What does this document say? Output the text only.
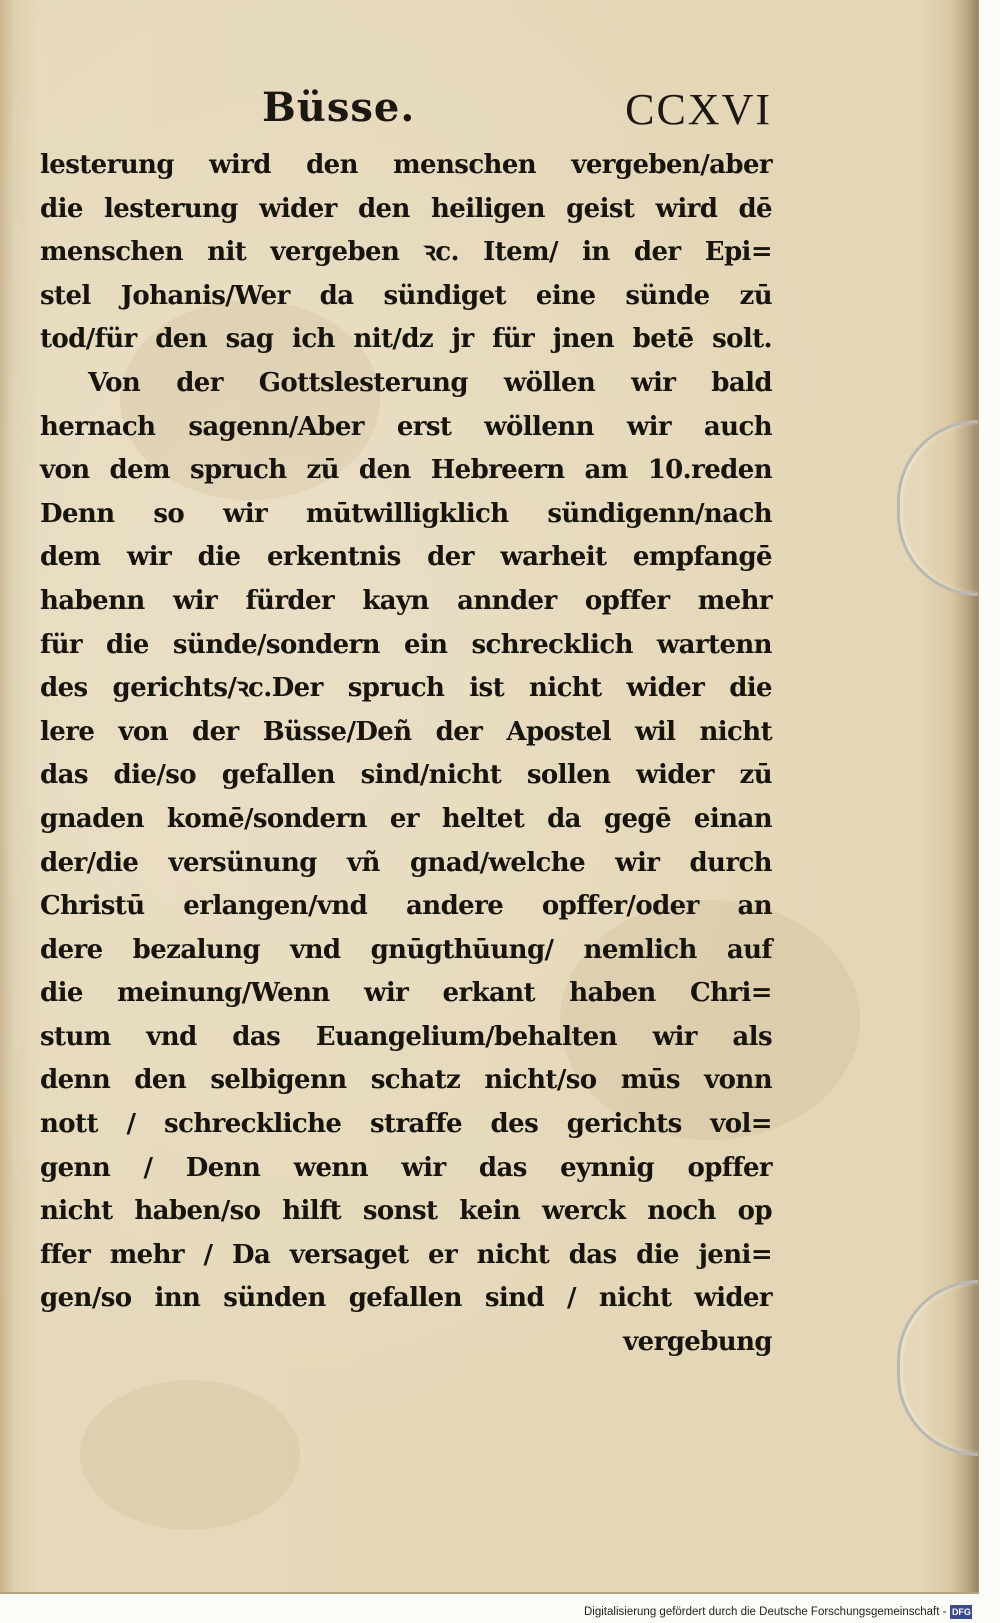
Büsse.	CCXVI
lesterung wird den menschen vergeben/aber
die lesterung wider den heiligen geist wird dē
menschen nit vergeben ꝛc. Item/ in der Epi=
stel Johanis/Wer da sündiget eine sünde zū
tod/für den sag ich nit/dz jr für jnen betē solt.
Von der Gottslesterung wöllen wir bald
hernach sagenn/Aber erst wöllenn wir auch
von dem spruch zū den Hebreern am 10.reden
Denn so wir mūtwilligklich sündigenn/nach
dem wir die erkentnis der warheit empfangē
habenn wir fürder kayn annder opffer mehr
für die sünde/sondern ein schrecklich wartenn
des gerichts/ꝛc.Der spruch ist nicht wider die
lere von der Büsse/Deñ der Apostel wil nicht
das die/so gefallen sind/nicht sollen wider zū
gnaden komē/sondern er heltet da gegē einan
der/die versünung vñ gnad/welche wir durch
Christū erlangen/vnd andere opffer/oder an
dere bezalung vnd gnūgthūung/ nemlich auf
die meinung/Wenn wir erkant haben Chri=
stum vnd das Euangelium/behalten wir als
denn den selbigenn schatz nicht/so mūs vonn
nott / schreckliche straffe des gerichts vol=
genn / Denn wenn wir das eynnig opffer
nicht haben/so hilft sonst kein werck noch op
ffer mehr / Da versaget er nicht das die jeni=
gen/so inn sünden gefallen sind / nicht wider
vergebung
Digitalisierung gefördert durch die Deutsche Forschungsgemeinschaft - DFG
